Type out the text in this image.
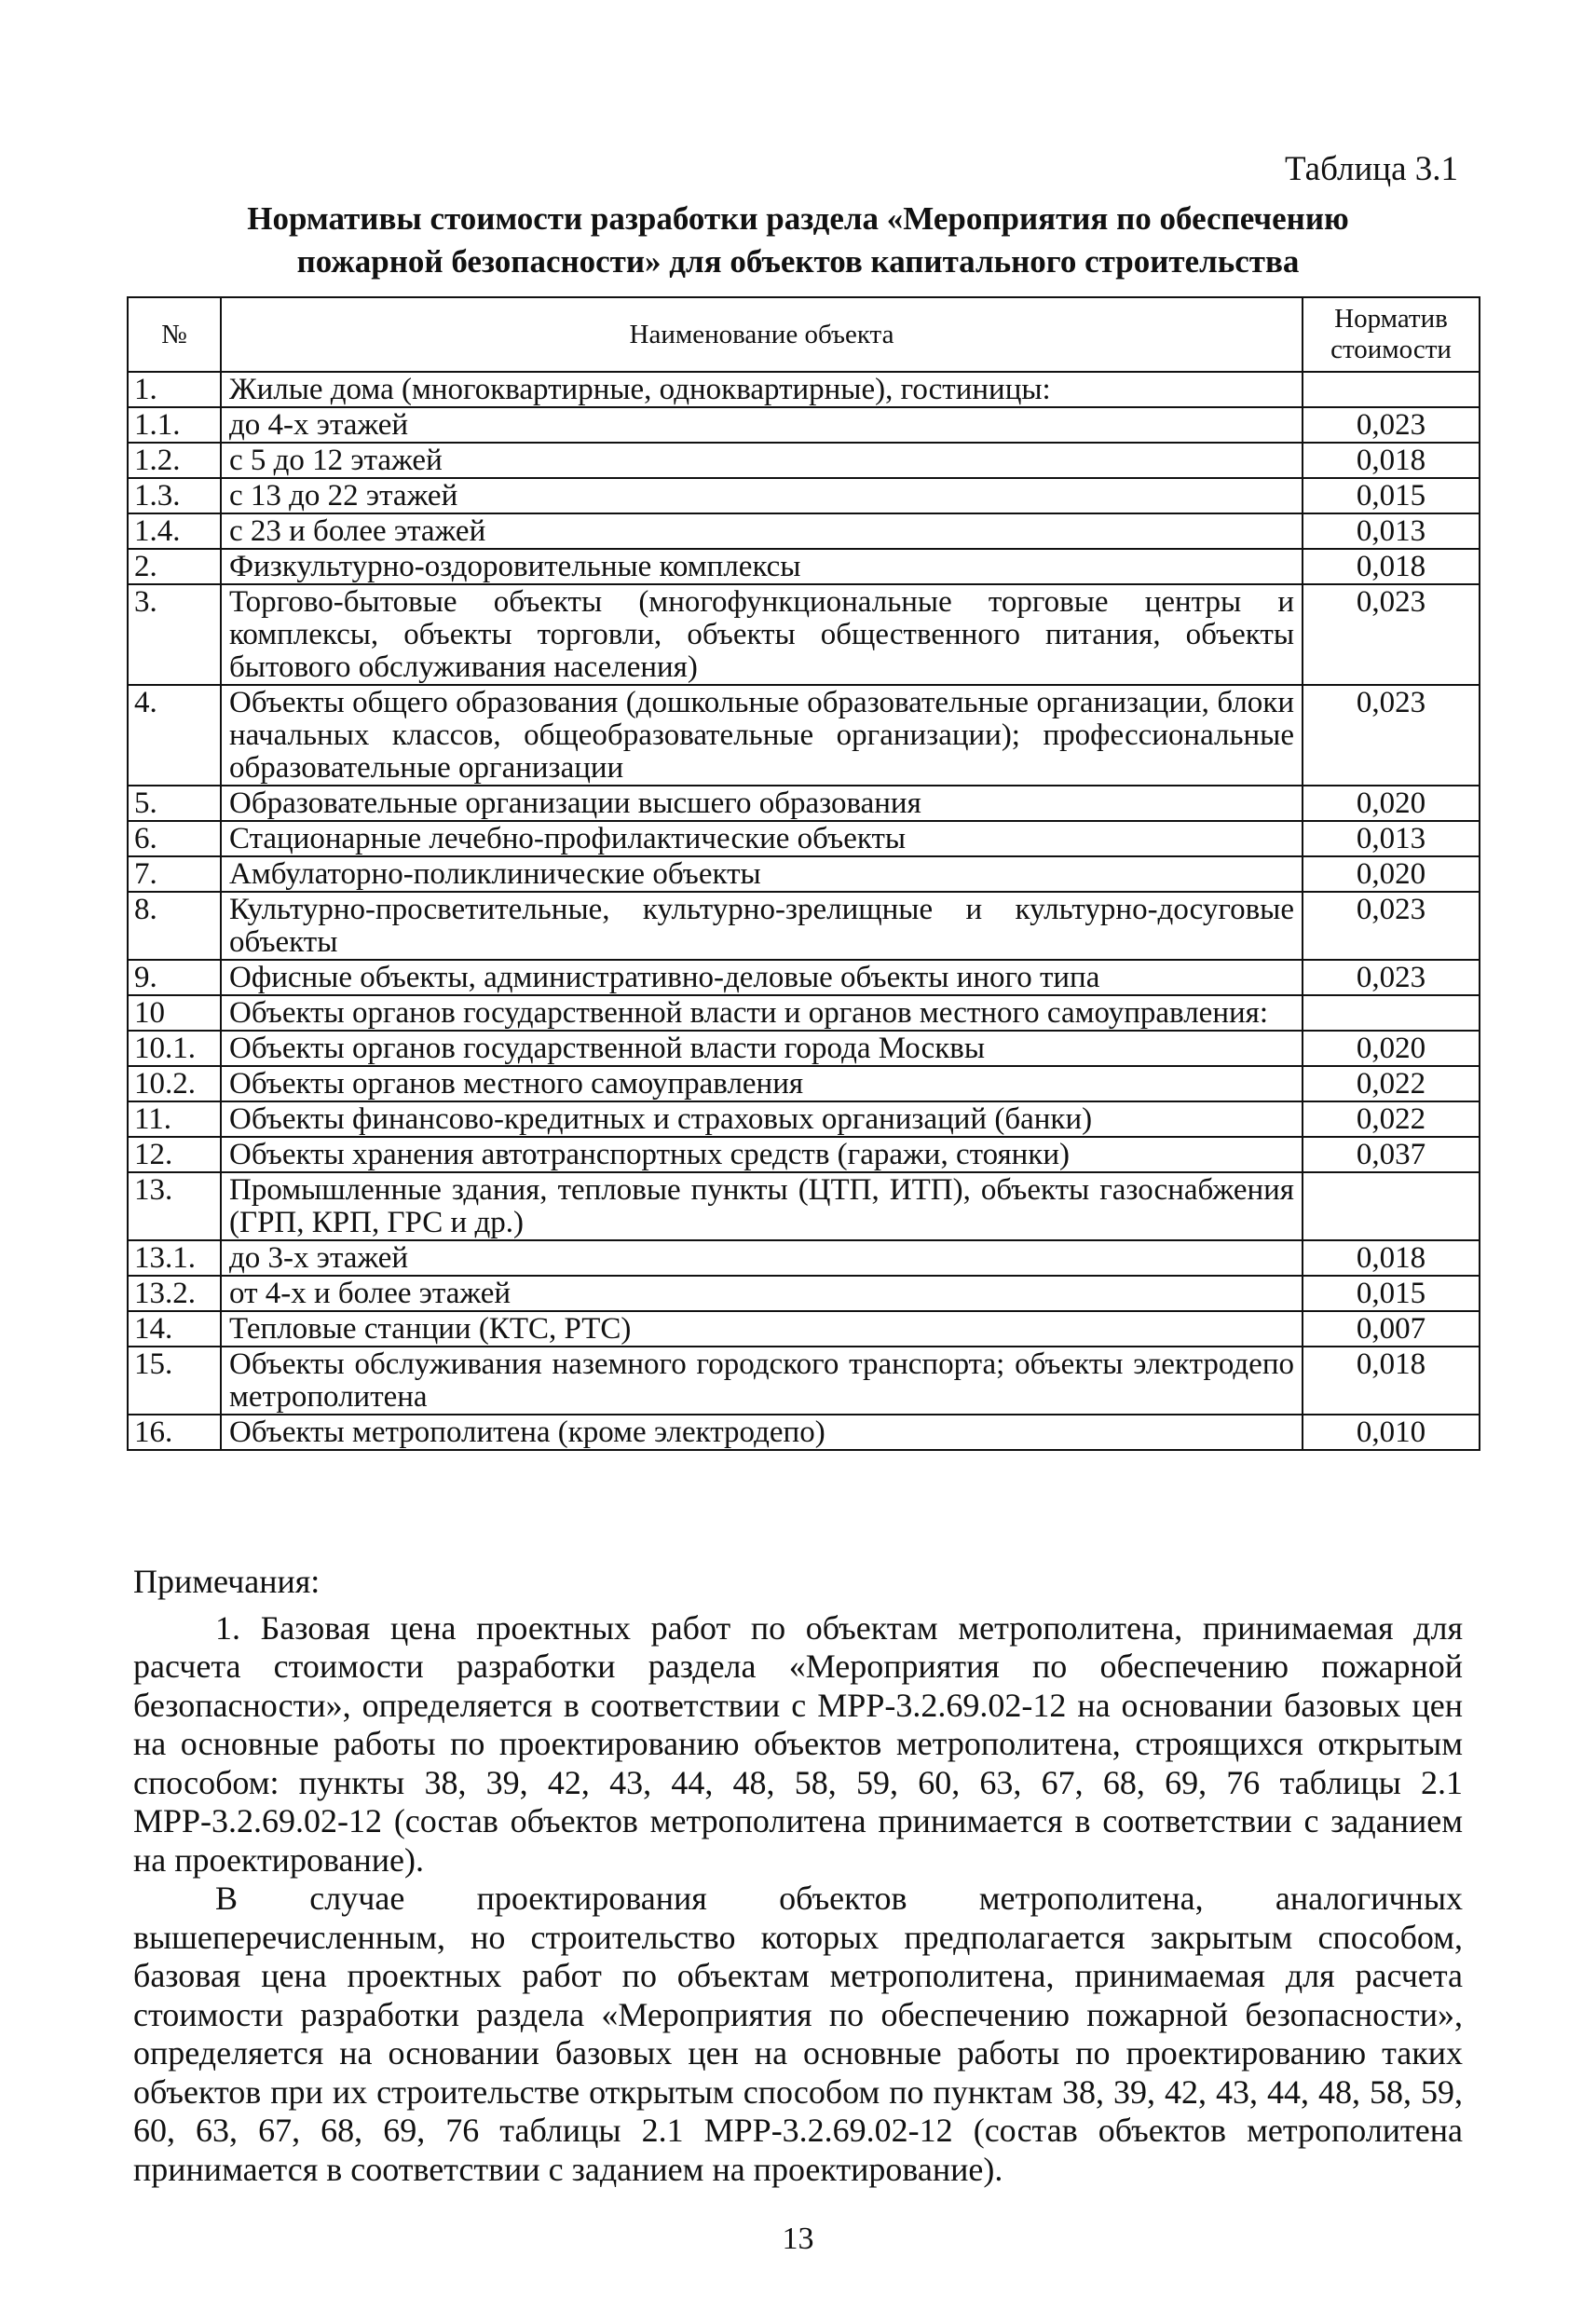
Таблица 3.1
Нормативы стоимости разработки раздела «Мероприятия по обеспечению
пожарной безопасности» для объектов капитального строительства
№	Наименование объекта	Норматив
стоимости

1.	Жилые дома (многоквартирные, одноквартирные), гостиницы:	
1.1.	до 4-х этажей	0,023
1.2.	с 5 до 12 этажей	0,018
1.3.	с 13 до 22 этажей	0,015
1.4.	с 23 и более этажей	0,013
2.	Физкультурно-оздоровительные комплексы	0,018
3.	Торгово-бытовые объекты (многофункциональные торговые центры и комплексы, объекты торговли, объекты общественного питания, объекты бытового обслуживания населения)	0,023
4.	Объекты общего образования (дошкольные образовательные организации, блоки начальных классов, общеобразовательные организации); профессиональные образовательные организации	0,023
5.	Образовательные организации высшего образования	0,020
6.	Стационарные лечебно-профилактические объекты	0,013
7.	Амбулаторно-поликлинические объекты	0,020
8.	Культурно-просветительные, культурно-зрелищные и культурно-досуговые объекты	0,023
9.	Офисные объекты, административно-деловые объекты иного типа	0,023
10	Объекты органов государственной власти и органов местного самоуправления:	
10.1.	Объекты органов государственной власти города Москвы	0,020
10.2.	Объекты органов местного самоуправления	0,022
11.	Объекты финансово-кредитных и страховых организаций (банки)	0,022
12.	Объекты хранения автотранспортных средств (гаражи, стоянки)	0,037
13.	Промышленные здания, тепловые пункты (ЦТП, ИТП), объекты газоснабжения (ГРП, КРП, ГРС и др.)	
13.1.	до 3-х этажей	0,018
13.2.	от 4-х и более этажей	0,015
14.	Тепловые станции (КТС, РТС)	0,007
15.	Объекты обслуживания наземного городского транспорта; объекты электродепо метрополитена	0,018
16.	Объекты метрополитена (кроме электродепо)	0,010
Примечания:

1. Базовая цена проектных работ по объектам метрополитена, принимаемая для расчета стоимости разработки раздела «Мероприятия по обеспечению пожарной безопасности», определяется в соответствии с МРР-3.2.69.02-12 на основании базовых цен на основные работы по проектированию объектов метрополитена, строящихся открытым способом: пункты 38, 39, 42, 43, 44, 48, 58, 59, 60, 63, 67, 68, 69, 76 таблицы 2.1 МРР-3.2.69.02-12 (состав объектов метрополитена принимается в соответствии с заданием на проектирование).

В случае проектирования объектов метрополитена, аналогичных вышеперечисленным, но строительство которых предполагается закрытым способом, базовая цена проектных работ по объектам метрополитена, принимаемая для расчета стоимости разработки раздела «Мероприятия по обеспечению пожарной безопасности», определяется на основании базовых цен на основные работы по проектированию таких объектов при их строительстве открытым способом по пунктам 38, 39, 42, 43, 44, 48, 58, 59, 60, 63, 67, 68, 69, 76 таблицы 2.1 МРР-3.2.69.02-12 (состав объектов метрополитена принимается в соответствии с заданием на проектирование).

13
